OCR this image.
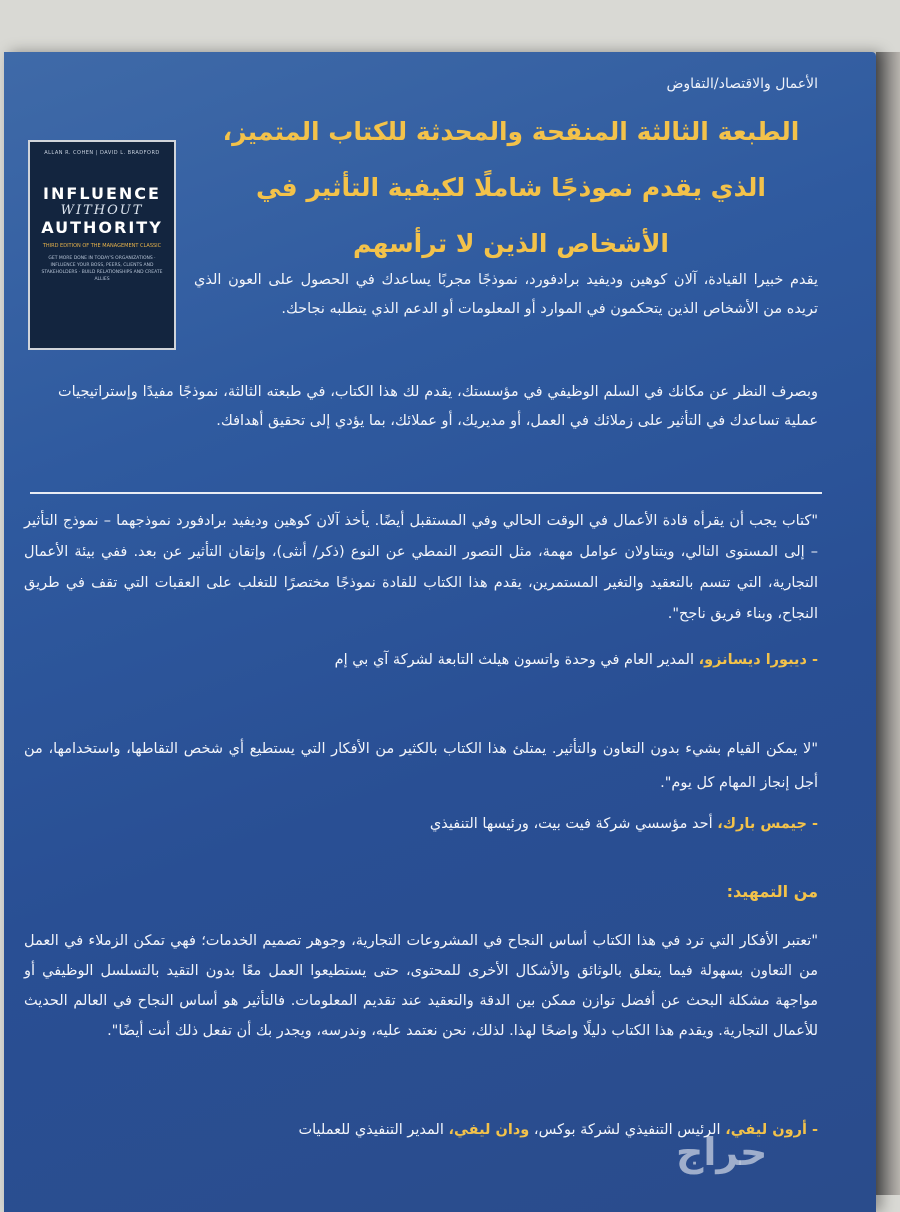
الأعمال والاقتصاد/التفاوض
الطبعة الثالثة المنقحة والمحدثة للكتاب المتميز،
الذي يقدم نموذجًا شاملًا لكيفية التأثير في
الأشخاص الذين لا ترأسهم
ALLAN R. COHEN | DAVID L. BRADFORD
INFLUENCE
WITHOUT
AUTHORITY
THIRD EDITION OF THE MANAGEMENT CLASSIC
GET MORE DONE IN TODAY'S ORGANIZATIONS · INFLUENCE YOUR BOSS, PEERS, CLIENTS AND STAKEHOLDERS · BUILD RELATIONSHIPS AND CREATE ALLIES	يقدم خبيرا القيادة، آلان كوهين وديفيد برادفورد، نموذجًا مجربًا يساعدك في الحصول على العون الذي تريده من الأشخاص الذين يتحكمون في الموارد أو المعلومات أو الدعم الذي يتطلبه نجاحك.
وبصرف النظر عن مكانك في السلم الوظيفي في مؤسستك، يقدم لك هذا الكتاب، في طبعته الثالثة، نموذجًا مفيدًا وإستراتيجيات عملية تساعدك في التأثير على زملائك في العمل، أو مديريك، أو عملائك، بما يؤدي إلى تحقيق أهدافك.
"كتاب يجب أن يقرأه قادة الأعمال في الوقت الحالي وفي المستقبل أيضًا. يأخذ آلان كوهين وديفيد برادفورد نموذجهما – نموذج التأثير – إلى المستوى التالي، ويتناولان عوامل مهمة، مثل التصور النمطي عن النوع (ذكر/ أنثى)، وإتقان التأثير عن بعد. ففي بيئة الأعمال التجارية، التي تتسم بالتعقيد والتغير المستمرين، يقدم هذا الكتاب للقادة نموذجًا مختصرًا للتغلب على العقبات التي تقف في طريق النجاح، وبناء فريق ناجح".
- ديبورا ديسانزو، المدير العام في وحدة واتسون هيلث التابعة لشركة آي بي إم
"لا يمكن القيام بشيء بدون التعاون والتأثير. يمتلئ هذا الكتاب بالكثير من الأفكار التي يستطيع أي شخص التقاطها، واستخدامها، من أجل إنجاز المهام كل يوم".
- جيمس بارك، أحد مؤسسي شركة فيت بيت، ورئيسها التنفيذي
من التمهيد:
"تعتبر الأفكار التي ترد في هذا الكتاب أساس النجاح في المشروعات التجارية، وجوهر تصميم الخدمات؛ فهي تمكن الزملاء في العمل من التعاون بسهولة فيما يتعلق بالوثائق والأشكال الأخرى للمحتوى، حتى يستطيعوا العمل معًا بدون التقيد بالتسلسل الوظيفي أو مواجهة مشكلة البحث عن أفضل توازن ممكن بين الدقة والتعقيد عند تقديم المعلومات. فالتأثير هو أساس النجاح في العالم الحديث للأعمال التجارية. ويقدم هذا الكتاب دليلًا واضحًا لهذا. لذلك، نحن نعتمد عليه، وندرسه، ويجدر بك أن تفعل ذلك أنت أيضًا".
- أرون ليفي، الرئيس التنفيذي لشركة بوكس، ودان ليفي، المدير التنفيذي للعمليات	حراج
